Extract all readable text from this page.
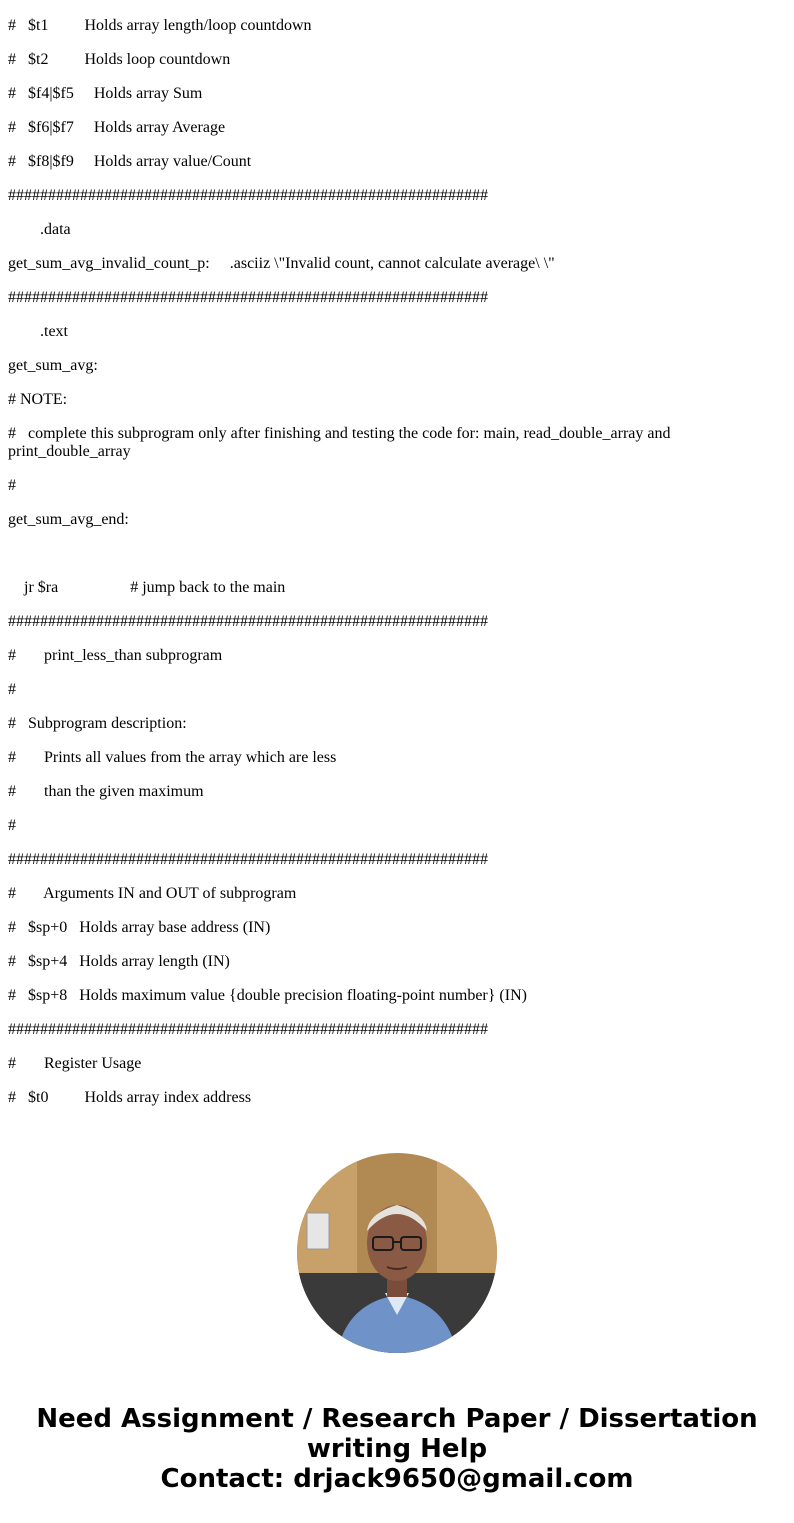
#   $t1         Holds array length/loop countdown
#   $t2         Holds loop countdown
#   $f4|$f5     Holds array Sum
#   $f6|$f7     Holds array Average
#   $f8|$f9     Holds array value/Count
############################################################
.data
get_sum_avg_invalid_count_p:     .asciiz \"Invalid count, cannot calculate average\ \"
############################################################
.text
get_sum_avg:
# NOTE:
#   complete this subprogram only after finishing and testing the code for: main, read_double_array and print_double_array
#
get_sum_avg_end:
jr $ra                  # jump back to the main
############################################################
#       print_less_than subprogram
#
#   Subprogram description:
#       Prints all values from the array which are less
#       than the given maximum
#
############################################################
#       Arguments IN and OUT of subprogram
#   $sp+0   Holds array base address (IN)
#   $sp+4   Holds array length (IN)
#   $sp+8   Holds maximum value {double precision floating-point number} (IN)
############################################################
#       Register Usage
#   $t0         Holds array index address
Need Assignment / Research Paper / Dissertation
writing Help
Contact: drjack9650@gmail.com
